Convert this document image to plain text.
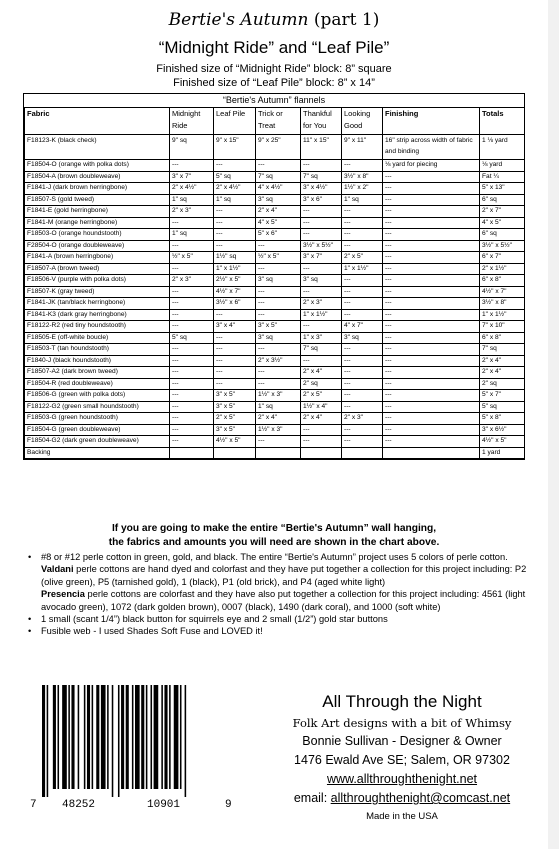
Bertie's Autumn (part 1)
“Midnight Ride” and “Leaf Pile”
Finished size of “Midnight Ride” block: 8” square
Finished size of “Leaf Pile” block: 8” x 14”
“Bertie's Autumn” flannels
Fabric	Midnight Ride	Leaf Pile	Trick or Treat	Thankful for You	Looking Good	Finishing	Totals
F18123-K (black check)	9" sq	9" x 15"	9" x 25"	11" x 15"	9" x 11"	16" strip across width of fabric and binding	1 ⅛ yard
F18504-O (orange with polka dots)	---	---	---	---	---	⅛ yard for piecing	⅛ yard
F18504-A (brown doubleweave)	3" x 7"	5" sq	7" sq	7" sq	3½" x 8"	---	Fat ¼
F1841-J (dark brown herringbone)	2" x 4½"	2" x 4½"	4" x 4½"	3" x 4½"	1½" x 2"	---	5" x 13"
F18507-S (gold tweed)	1" sq	1" sq	3" sq	3" x 6"	1" sq	---	6" sq
F1841-E (gold herringbone)	2" x 3"	---	2" x 4"	---	---	---	2" x 7"
F1841-M (orange herringbone)	---	---	4" x 5"	---	---	---	4" x 5"
F18503-O (orange houndstooth)	1" sq	---	5" x 6"	---	---	---	6" sq
F28504-O (orange doubleweave)	---	---	---	3½" x 5½"	---	---	3½" x 5½"
F1841-A (brown herringbone)	½" x 5"	1½" sq	½" x 5"	3" x 7"	2" x 5"	---	6" x 7"
F18507-A (brown tweed)	---	1" x 1½"	---	---	1" x 1½"	---	2" x 1½"
F18506-V (purple with polka dots)	2" x 3"	2½" x 5"	3" sq	3" sq	---	---	6" x 8"
F18507-K (gray tweed)	---	4½" x 7"	---	---	---	---	4½" x 7"
F1841-JK (tan/black herringbone)	---	3½" x 6"	---	2" x 3"	---	---	3½" x 8"
F1841-K3 (dark gray herringbone)	---	---	---	1" x 1½"	---	---	1" x 1½"
F18122-R2 (red tiny houndstooth)	---	3" x 4"	3" x 5"	---	4" x 7"	---	7" x 10"
F18505-E (off-white boucle)	5" sq	---	3" sq	1" x 3"	3" sq	---	6" x 8"
F18503-T (tan houndstooth)	---	---	---	7" sq	---	---	7" sq
F1840-J (black houndstooth)	---	---	2" x 3½"	---	---	---	2" x 4"
F18507-A2 (dark brown tweed)	---	---	---	2" x 4"	---	---	2" x 4"
F18504-R (red doubleweave)	---	---	---	2" sq	---	---	2" sq
F18506-G (green with polka dots)	---	3" x 5"	1½" x 3"	2" x 5"	---	---	5" x 7"
F18122-G2 (green small houndstooth)	---	3" x 5"	1" sq	1½" x 4"	---	---	5" sq
F18503-G (green houndstooth)	---	2" x 5"	2" x 4"	2" x 4"	2" x 3"	---	5" x 8"
F18504-G (green doubleweave)	---	3" x 5"	1½" x 3"	---	---	---	3" x 6½"
F18504-G2 (dark green doubleweave)	---	4½" x 5"	---	---	---	---	4½" x 5"
Backing							1 yard
If you are going to make the entire “Bertie's Autumn” wall hanging,
the fabrics and amounts you will need are shown in the chart above.
• #8 or #12 perle cotton in green, gold, and black. The entire “Bertie's Autumn” project uses 5 colors of perle cotton.
Valdani perle cottons are hand dyed and colorfast and they have put together a collection for this project including: P2 (olive green), P5 (tarnished gold), 1 (black), P1 (old brick), and P4 (aged white light)
Presencia perle cottons are colorfast and they have also put together a collection for this project including: 4561 (light avocado green), 1072 (dark golden brown), 0007 (black), 1490 (dark coral), and 1000 (soft white)
• 1 small (scant 1/4”) black button for squirrels eye and 2 small (1/2”) gold star buttons
• Fusible web - I used Shades Soft Fuse and LOVED it!
7 48252	10901	9
All Through the Night
Folk Art designs with a bit of Whimsy
Bonnie Sullivan - Designer & Owner
1476 Ewald Ave SE; Salem, OR 97302
www.allthroughthenight.net
email: allthroughthenight@comcast.net
Made in the USA
